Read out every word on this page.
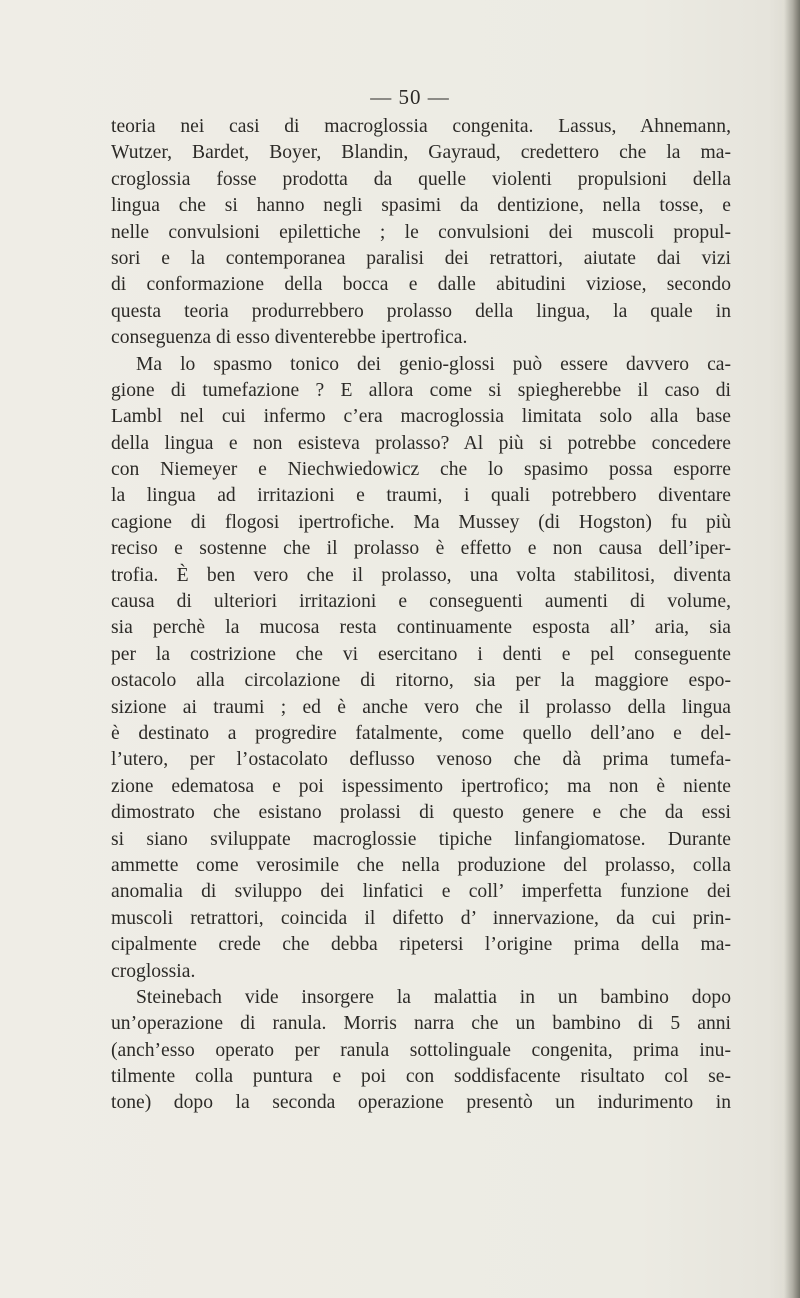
— 50 —
teoria nei casi di macroglossia congenita. Lassus, Ahnemann,
Wutzer, Bardet, Boyer, Blandin, Gayraud, credettero che la ma-
croglossia fosse prodotta da quelle violenti propulsioni della
lingua che si hanno negli spasimi da dentizione, nella tosse, e
nelle convulsioni epilettiche ; le convulsioni dei muscoli propul-
sori e la contemporanea paralisi dei retrattori, aiutate dai vizi
di conformazione della bocca e dalle abitudini viziose, secondo
questa teoria produrrebbero prolasso della lingua, la quale in
conseguenza di esso diventerebbe ipertrofica.
Ma lo spasmo tonico dei genio-glossi può essere davvero ca-
gione di tumefazione ? E allora come si spiegherebbe il caso di
Lambl nel cui infermo c’era macroglossia limitata solo alla base
della lingua e non esisteva prolasso? Al più si potrebbe concedere
con Niemeyer e Niechwiedowicz che lo spasimo possa esporre
la lingua ad irritazioni e traumi, i quali potrebbero diventare
cagione di flogosi ipertrofiche. Ma Mussey (di Hogston) fu più
reciso e sostenne che il prolasso è effetto e non causa dell’iper-
trofia. È ben vero che il prolasso, una volta stabilitosi, diventa
causa di ulteriori irritazioni e conseguenti aumenti di volume,
sia perchè la mucosa resta continuamente esposta all’ aria, sia
per la costrizione che vi esercitano i denti e pel conseguente
ostacolo alla circolazione di ritorno, sia per la maggiore espo-
sizione ai traumi ; ed è anche vero che il prolasso della lingua
è destinato a progredire fatalmente, come quello dell’ano e del-
l’utero, per l’ostacolato deflusso venoso che dà prima tumefa-
zione edematosa e poi ispessimento ipertrofico; ma non è niente
dimostrato che esistano prolassi di questo genere e che da essi
si siano sviluppate macroglossie tipiche linfangiomatose. Durante
ammette come verosimile che nella produzione del prolasso, colla
anomalia di sviluppo dei linfatici e coll’ imperfetta funzione dei
muscoli retrattori, coincida il difetto d’ innervazione, da cui prin-
cipalmente crede che debba ripetersi l’origine prima della ma-
croglossia.
Steinebach vide insorgere la malattia in un bambino dopo
un’operazione di ranula. Morris narra che un bambino di 5 anni
(anch’esso operato per ranula sottolinguale congenita, prima inu-
tilmente colla puntura e poi con soddisfacente risultato col se-
tone) dopo la seconda operazione presentò un indurimento in
